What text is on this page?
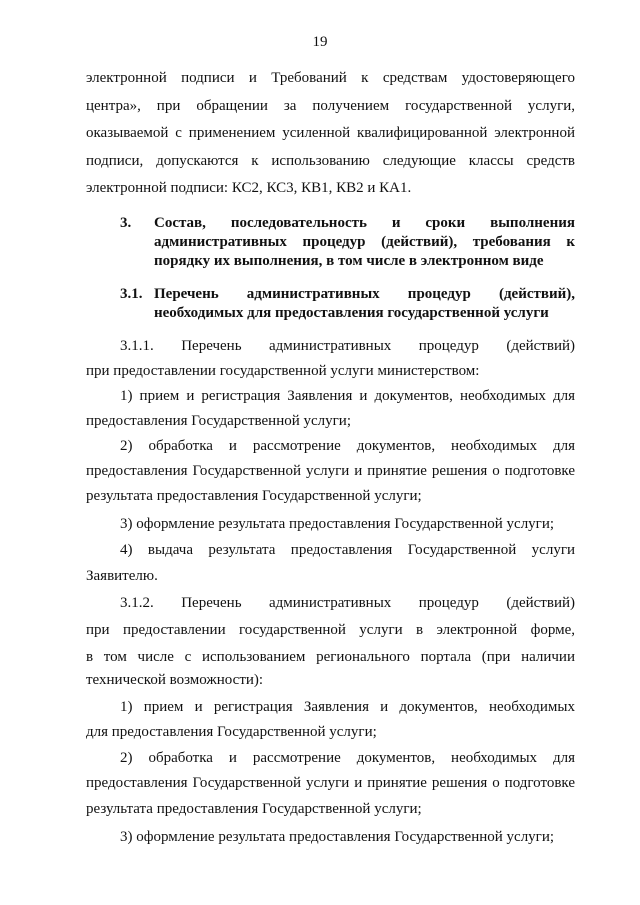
19
электронной подписи и Требований к средствам удостоверяющего
центра», при обращении за получением государственной услуги,
оказываемой с применением усиленной квалифицированной электронной
подписи, допускаются к использованию следующие классы средств
электронной подписи: КС2, КС3, КВ1, КВ2 и КА1.
3. Состав, последовательность и сроки выполнения
административных процедур (действий), требования к
порядку их выполнения, в том числе в электронном виде
3.1. Перечень административных процедур (действий),
необходимых для предоставления государственной услуги
3.1.1. Перечень административных процедур (действий)
при предоставлении государственной услуги министерством:
1) прием и регистрация Заявления и документов, необходимых для
предоставления Государственной услуги;
2) обработка и рассмотрение документов, необходимых для
предоставления Государственной услуги и принятие решения о подготовке
результата предоставления Государственной услуги;
3) оформление результата предоставления Государственной услуги;
4) выдача результата предоставления Государственной услуги
Заявителю.
3.1.2. Перечень административных процедур (действий)
при предоставлении государственной услуги в электронной форме,
в том числе с использованием регионального портала (при наличии
технической возможности):
1) прием и регистрация Заявления и документов, необходимых
для предоставления Государственной услуги;
2) обработка и рассмотрение документов, необходимых для
предоставления Государственной услуги и принятие решения о подготовке
результата предоставления Государственной услуги;
3) оформление результата предоставления Государственной услуги;
